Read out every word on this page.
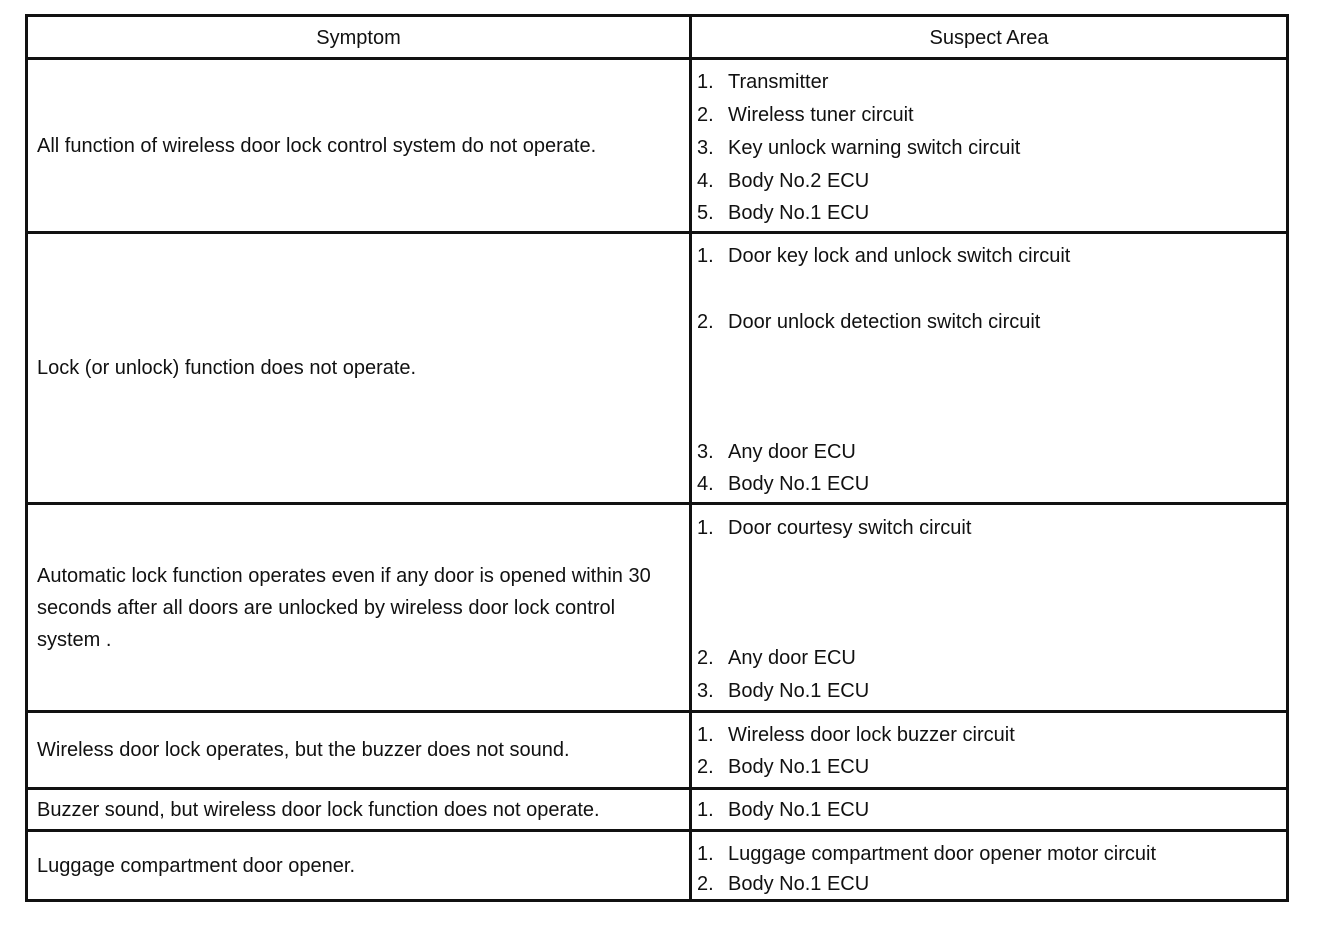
Symptom	Suspect Area
All function of wireless door lock control system do not operate.
1. Transmitter
2. Wireless tuner circuit
3. Key unlock warning switch circuit
4. Body No.2 ECU
5. Body No.1 ECU
Lock (or unlock) function does not operate.
1. Door key lock and unlock switch circuit
2. Door unlock detection switch circuit
3. Any door ECU
4. Body No.1 ECU
Automatic lock function operates even if any door is opened within 30 seconds after all doors are unlocked by wireless door lock control system .
1. Door courtesy switch circuit
2. Any door ECU
3. Body No.1 ECU
Wireless door lock operates, but the buzzer does not sound.
1. Wireless door lock buzzer circuit
2. Body No.1 ECU
Buzzer sound, but wireless door lock function does not operate.	1. Body No.1 ECU
Luggage compartment door opener.
1. Luggage compartment door opener motor circuit
2. Body No.1 ECU
